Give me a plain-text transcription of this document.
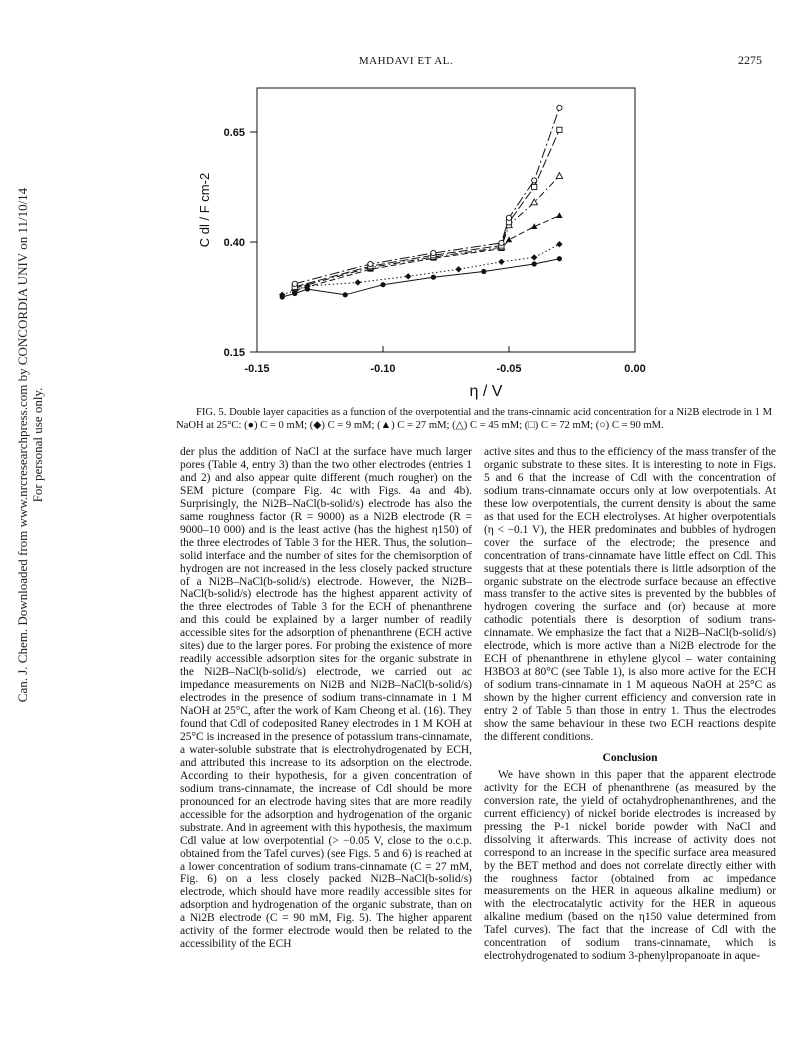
Can. J. Chem. Downloaded from www.nrcresearchpress.com by CONCORDIA UNIV on 11/10/14 For personal use only.
MAHDAVI ET AL.	2275
-0.15	-0.10	-0.05	0.00
0.15
0.40
0.65
η / V
C dl / F cm-2
FIG. 5. Double layer capacities as a function of the overpotential and the trans-cinnamic acid concentration for a Ni2B electrode in 1 M NaOH at 25°C: (●) C = 0 mM; (◆) C = 9 mM; (▲) C = 27 mM; (△) C = 45 mM; (□) C = 72 mM; (○) C = 90 mM.

der plus the addition of NaCl at the surface have much larger pores (Table 4, entry 3) than the two other electrodes (entries 1 and 2) and also appear quite different (much rougher) on the SEM picture (compare Fig. 4c with Figs. 4a and 4b). Surprisingly, the Ni2B–NaCl(b-solid/s) electrode has also the same roughness factor (R = 9000) as a Ni2B electrode (R = 9000–10 000) and is the least active (has the highest η150) of the three electrodes of Table 3 for the HER. Thus, the solution–solid interface and the number of sites for the chemisorption of hydrogen are not increased in the less closely packed structure of a Ni2B–NaCl(b-solid/s) electrode. However, the Ni2B–NaCl(b-solid/s) electrode has the highest apparent activity of the three electrodes of Table 3 for the ECH of phenanthrene and this could be explained by a larger number of readily accessible sites for the adsorption of phenanthrene (ECH active sites) due to the larger pores. For probing the existence of more readily accessible adsorption sites for the organic substrate in the Ni2B–NaCl(b-solid/s) electrode, we carried out ac impedance measurements on Ni2B and Ni2B–NaCl(b-solid/s) electrodes in the presence of sodium trans-cinnamate in 1 M NaOH at 25°C, after the work of Kam Cheong et al. (16). They found that Cdl of codeposited Raney electrodes in 1 M KOH at 25°C is increased in the presence of potassium trans-cinnamate, a water-soluble substrate that is electrohydrogenated by ECH, and attributed this increase to its adsorption on the electrode. According to their hypothesis, for a given concentration of sodium trans-cinnamate, the increase of Cdl should be more pronounced for an electrode having sites that are more readily accessible for the adsorption and hydrogenation of the organic substrate. And in agreement with this hypothesis, the maximum Cdl value at low overpotential (> −0.05 V, close to the o.c.p. obtained from the Tafel curves) (see Figs. 5 and 6) is reached at a lower concentration of sodium trans-cinnamate (C = 27 mM, Fig. 6) on a less closely packed Ni2B–NaCl(b-solid/s) electrode, which should have more readily accessible sites for adsorption and hydrogenation of the organic substrate, than on a Ni2B electrode (C = 90 mM, Fig. 5). The higher apparent activity of the former electrode would then be related to the accessibility of the ECH

active sites and thus to the efficiency of the mass transfer of the organic substrate to these sites. It is interesting to note in Figs. 5 and 6 that the increase of Cdl with the concentration of sodium trans-cinnamate occurs only at low overpotentials. At these low overpotentials, the current density is about the same as that used for the ECH electrolyses. At higher overpotentials (η < −0.1 V), the HER predominates and bubbles of hydrogen cover the surface of the electrode; the presence and concentration of trans-cinnamate have little effect on Cdl. This suggests that at these potentials there is little adsorption of the organic substrate on the electrode surface because an effective mass transfer to the active sites is prevented by the bubbles of hydrogen covering the surface and (or) because at more cathodic potentials there is desorption of sodium trans-cinnamate. We emphasize the fact that a Ni2B–NaCl(b-solid/s) electrode, which is more active than a Ni2B electrode for the ECH of phenanthrene in ethylene glycol – water containing H3BO3 at 80°C (see Table 1), is also more active for the ECH of sodium trans-cinnamate in 1 M aqueous NaOH at 25°C as shown by the higher current efficiency and conversion rate in entry 2 of Table 5 than those in entry 1. Thus the electrodes show the same behaviour in these two ECH reactions despite the different conditions.

Conclusion

We have shown in this paper that the apparent electrode activity for the ECH of phenanthrene (as measured by the conversion rate, the yield of octahydrophenanthrenes, and the current efficiency) of nickel boride electrodes is increased by pressing the P-1 nickel boride powder with NaCl and dissolving it afterwards. This increase of activity does not correspond to an increase in the specific surface area measured by the BET method and does not correlate directly either with the roughness factor (obtained from ac impedance measurements on the HER in aqueous alkaline medium) or with the electrocatalytic activity for the HER in aqueous alkaline medium (based on the η150 value determined from Tafel curves). The fact that the increase of Cdl with the concentration of sodium trans-cinnamate, which is electrohydrogenated to sodium 3-phenylpropanoate in aque-
